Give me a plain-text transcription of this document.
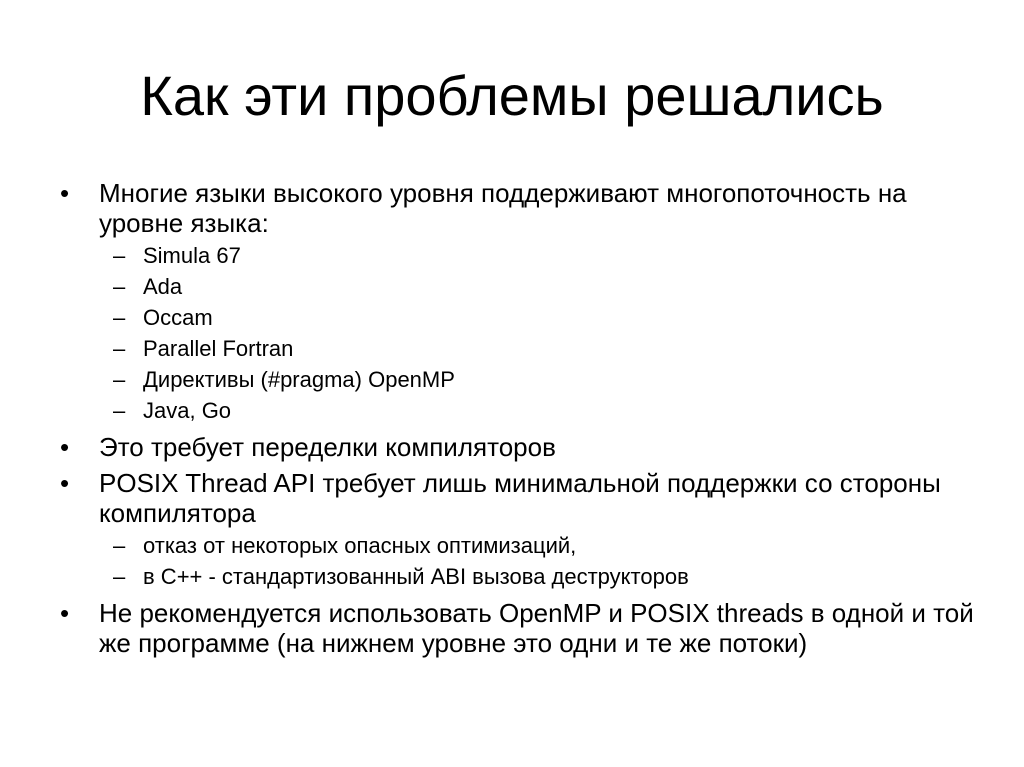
Как эти проблемы решались
• Многие языки высокого уровня поддерживают многопоточность на уровне языка:
– Simula 67
– Ada
– Occam
– Parallel Fortran
– Директивы (#pragma) OpenMP
– Java, Go
• Это требует переделки компиляторов
• POSIX Thread API требует лишь минимальной поддержки со стороны компилятора
– отказ от некоторых опасных оптимизаций,
– в С++ - стандартизованный ABI вызова деструкторов
• Не рекомендуется использовать OpenMP и POSIX threads в одной и той же программе (на нижнем уровне это одни и те же потоки)
